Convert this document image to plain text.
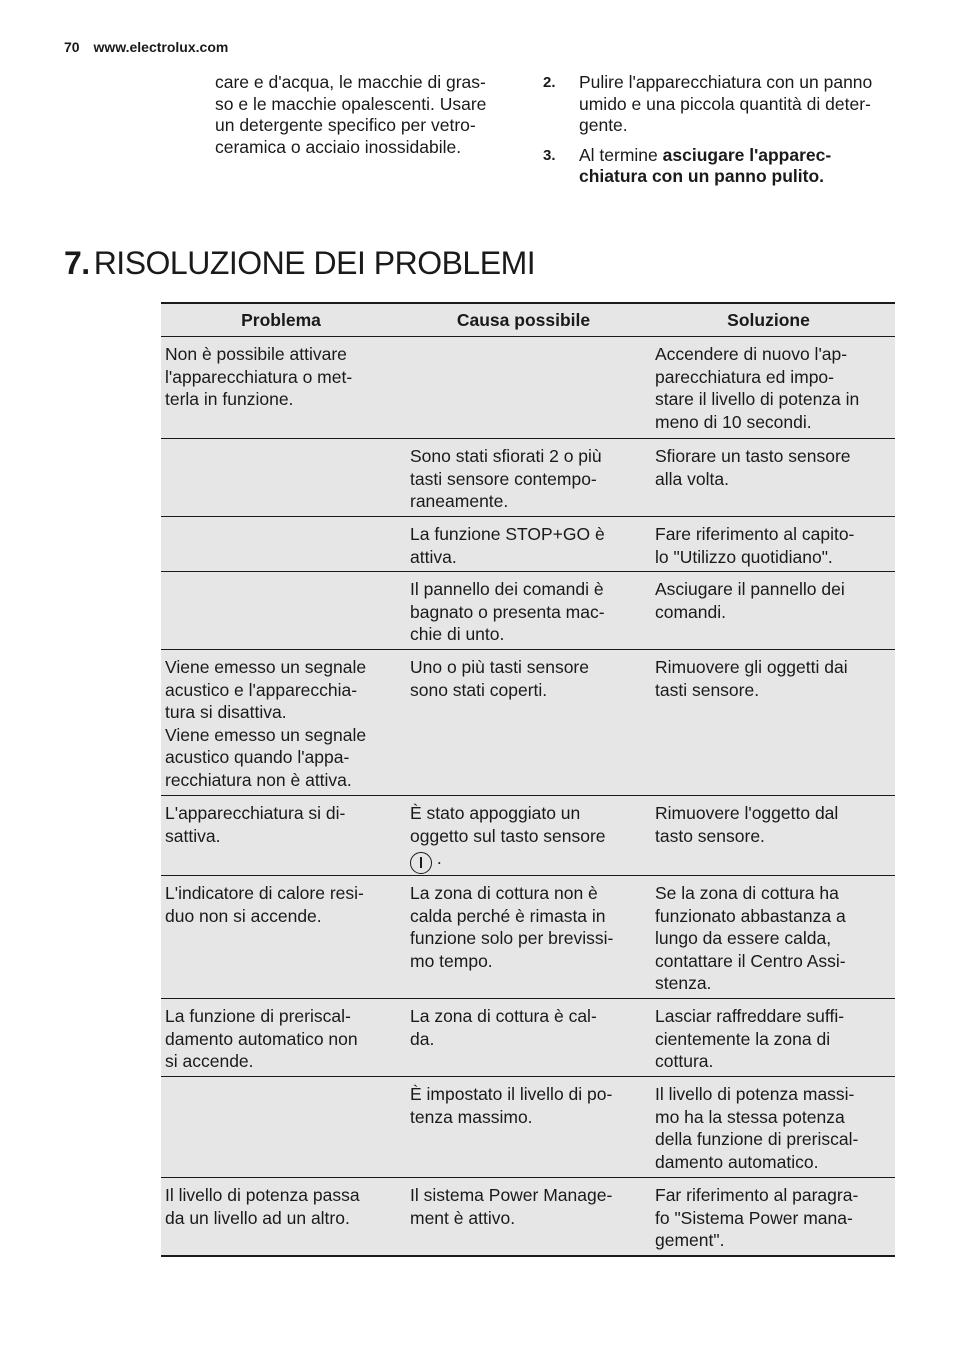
70 www.electrolux.com
care e d'acqua, le macchie di gras-
so e le macchie opalescenti. Usare
un detergente specifico per vetro-
ceramica o acciaio inossidabile.
2. Pulire l'apparecchiatura con un panno
umido e una piccola quantità di deter-
gente.
3. Al termine asciugare l'apparec-
chiatura con un panno pulito.
7. RISOLUZIONE DEI PROBLEMI
Problema	Causa possibile	Soluzione
Non è possibile attivare
l'apparecchiatura o met-
terla in funzione.
Accendere di nuovo l'ap-
parecchiatura ed impo-
stare il livello di potenza in
meno di 10 secondi.
Sono stati sfiorati 2 o più
tasti sensore contempo-
raneamente.
Sfiorare un tasto sensore
alla volta.
La funzione STOP+GO è
attiva.
Fare riferimento al capito-
lo "Utilizzo quotidiano".
Il pannello dei comandi è
bagnato o presenta mac-
chie di unto.
Asciugare il pannello dei
comandi.
Viene emesso un segnale
acustico e l'apparecchia-
tura si disattiva.
Viene emesso un segnale
acustico quando l'appa-
recchiatura non è attiva.
Uno o più tasti sensore
sono stati coperti.
Rimuovere gli oggetti dai
tasti sensore.
L'apparecchiatura si di-
sattiva.
È stato appoggiato un
oggetto sul tasto sensore
.
Rimuovere l'oggetto dal
tasto sensore.
L'indicatore di calore resi-
duo non si accende.
La zona di cottura non è
calda perché è rimasta in
funzione solo per brevissi-
mo tempo.
Se la zona di cottura ha
funzionato abbastanza a
lungo da essere calda,
contattare il Centro Assi-
stenza.
La funzione di preriscal-
damento automatico non
si accende.
La zona di cottura è cal-
da.
Lasciar raffreddare suffi-
cientemente la zona di
cottura.
È impostato il livello di po-
tenza massimo.
Il livello di potenza massi-
mo ha la stessa potenza
della funzione di preriscal-
damento automatico.
Il livello di potenza passa
da un livello ad un altro.
Il sistema Power Manage-
ment è attivo.
Far riferimento al paragra-
fo "Sistema Power mana-
gement".
